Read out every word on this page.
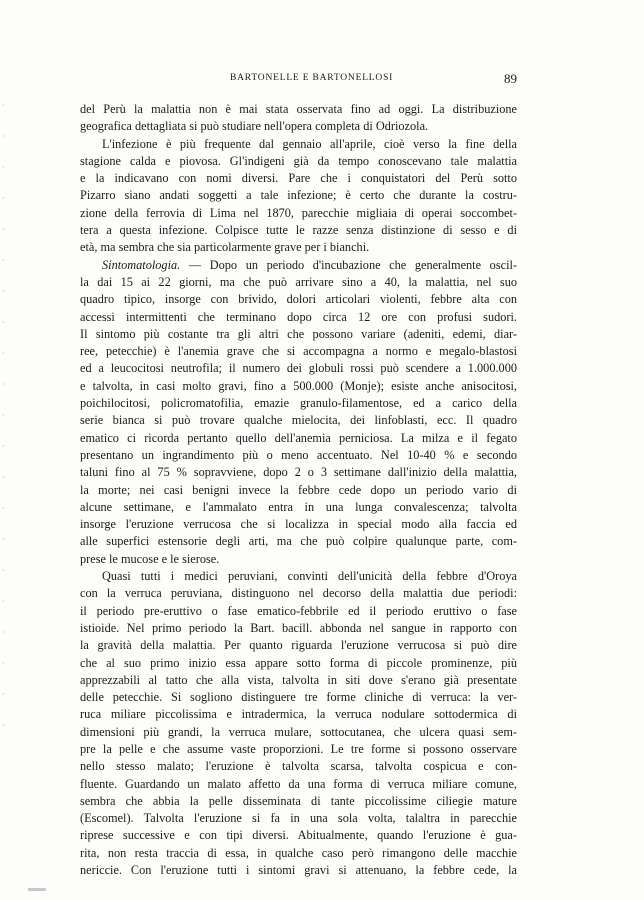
·
·
·
·
·
·
·
·
·
·
·
·
·
·
·
·
·
·
·
·
·
BARTONELLE E BARTONELLOSI	89
del Perù la malattia non è mai stata osservata fino ad oggi. La distribuzione
geografica dettagliata si può studiare nell'opera completa di Odriozola.
L'infezione è più frequente dal gennaio all'aprile, cioè verso la fine della
stagione calda e piovosa. Gl'indigeni già da tempo conoscevano tale malattia
e la indicavano con nomi diversi. Pare che i conquistatori del Perù sotto
Pizarro siano andati soggetti a tale infezione; è certo che durante la costru-
zione della ferrovia di Lima nel 1870, parecchie migliaia di operai soccombet-
tera a questa infezione. Colpisce tutte le razze senza distinzione di sesso e di
età, ma sembra che sia particolarmente grave per i bianchi.
Sintomatologia. — Dopo un periodo d'incubazione che generalmente oscil-
la dai 15 ai 22 giorni, ma che può arrivare sino a 40, la malattia, nel suo
quadro tipico, insorge con brivido, dolori articolari violenti, febbre alta con
accessi intermittenti che terminano dopo circa 12 ore con profusi sudori.
Il sintomo più costante tra gli altri che possono variare (adeniti, edemi, diar-
ree, petecchie) è l'anemia grave che si accompagna a normo e megalo-blastosi
ed a leucocitosi neutrofila; il numero dei globuli rossi può scendere a 1.000.000
e talvolta, in casi molto gravi, fino a 500.000 (Monje); esiste anche anisocitosi,
poichilocitosi, policromatofilia, emazie granulo-filamentose, ed a carico della
serie bianca si può trovare qualche mielocita, dei linfoblasti, ecc. Il quadro
ematico ci ricorda pertanto quello dell'anemia perniciosa. La milza e il fegato
presentano un ingrandimento più o meno accentuato. Nel 10-40 % e secondo
taluni fino al 75 % sopravviene, dopo 2 o 3 settimane dall'inizio della malattia,
la morte; nei casi benigni invece la febbre cede dopo un periodo vario di
alcune settimane, e l'ammalato entra in una lunga convalescenza; talvolta
insorge l'eruzione verrucosa che si localizza in special modo alla faccia ed
alle superfici estensorie degli arti, ma che può colpire qualunque parte, com-
prese le mucose e le sierose.
Quasi tutti i medici peruviani, convinti dell'unicità della febbre d'Oroya
con la verruca peruviana, distinguono nel decorso della malattia due periodi:
il periodo pre-eruttivo o fase ematico-febbrile ed il periodo eruttivo o fase
istioide. Nel primo periodo la Bart. bacill. abbonda nel sangue in rapporto con
la gravità della malattia. Per quanto riguarda l'eruzione verrucosa si può dire
che al suo primo inizio essa appare sotto forma di piccole prominenze, più
apprezzabili al tatto che alla vista, talvolta in siti dove s'erano già presentate
delle petecchie. Si sogliono distinguere tre forme cliniche di verruca: la ver-
ruca miliare piccolissima e intradermica, la verruca nodulare sottodermica di
dimensioni più grandi, la verruca mulare, sottocutanea, che ulcera quasi sem-
pre la pelle e che assume vaste proporzioni. Le tre forme si possono osservare
nello stesso malato; l'eruzione è talvolta scarsa, talvolta cospicua e con-
fluente. Guardando un malato affetto da una forma di verruca miliare comune,
sembra che abbia la pelle disseminata di tante piccolissime ciliegie mature
(Escomel). Talvolta l'eruzione si fa in una sola volta, talaltra in parecchie
riprese successive e con tipi diversi. Abitualmente, quando l'eruzione è gua-
rita, non resta traccia di essa, in qualche caso però rimangono delle macchie
nericcie. Con l'eruzione tutti i sintomi gravi si attenuano, la febbre cede, la
